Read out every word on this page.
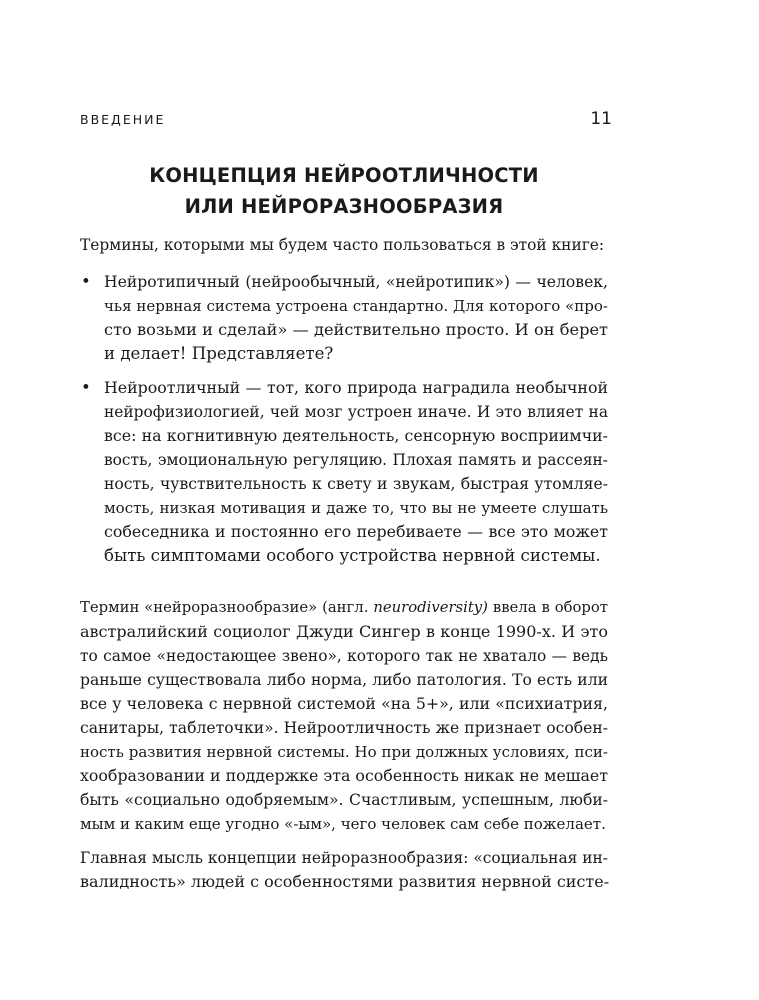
ВВЕДЕНИЕ	11
КОНЦЕПЦИЯ НЕЙРООТЛИЧНОСТИ
ИЛИ НЕЙРОРАЗНООБРАЗИЯ
Термины, которыми мы будем часто пользоваться в этой книге:
• Нейротипичный (нейрообычный, «нейротипик») — человек,
чья нервная система устроена стандартно. Для которого «про-
сто возьми и сделай» — действительно просто. И он берет
и делает! Представляете?
• Нейроотличный — тот, кого природа наградила необычной
нейрофизиологией, чей мозг устроен иначе. И это влияет на
все: на когнитивную деятельность, сенсорную восприимчи-
вость, эмоциональную регуляцию. Плохая память и рассеян-
ность, чувствительность к свету и звукам, быстрая утомляе-
мость, низкая мотивация и даже то, что вы не умеете слушать
собеседника и постоянно его перебиваете — все это может
быть симптомами особого устройства нервной системы.
Термин «нейроразнообразие» (англ. neurodiversity) ввела в оборот
австралийский социолог Джуди Сингер в конце 1990-х. И это
то самое «недостающее звено», которого так не хватало — ведь
раньше существовала либо норма, либо патология. То есть или
все у человека с нервной системой «на 5+», или «психиатрия,
санитары, таблеточки». Нейроотличность же признает особен-
ность развития нервной системы. Но при должных условиях, пси-
хообразовании и поддержке эта особенность никак не мешает
быть «социально одобряемым». Счастливым, успешным, люби-
мым и каким еще угодно «-ым», чего человек сам себе пожелает.
Главная мысль концепции нейроразнообразия: «социальная ин-
валидность» людей с особенностями развития нервной систе-
